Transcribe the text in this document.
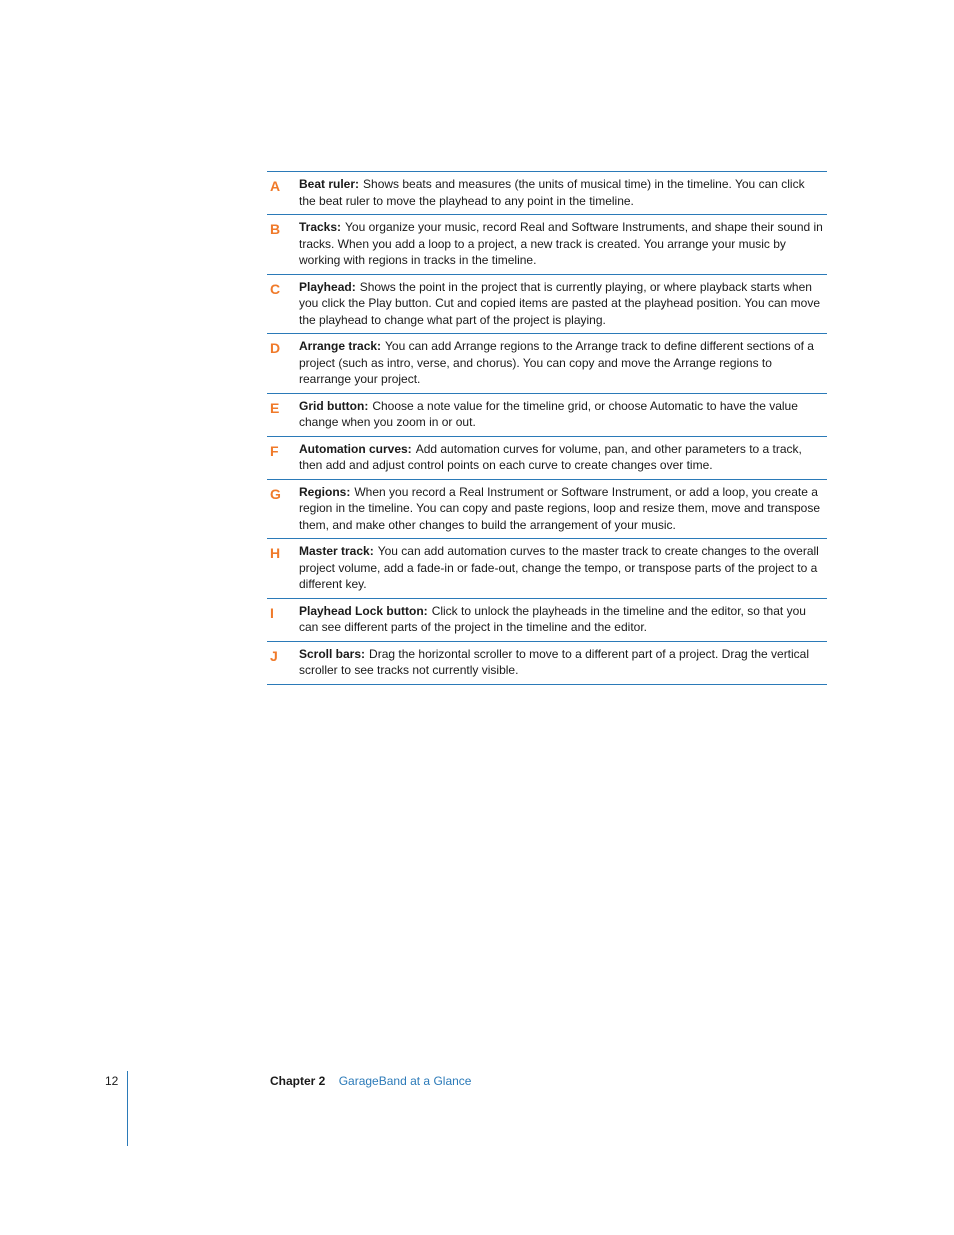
A	Beat ruler: Shows beats and measures (the units of musical time) in the timeline. You can click the beat ruler to move the playhead to any point in the timeline.
B	Tracks: You organize your music, record Real and Software Instruments, and shape their sound in tracks. When you add a loop to a project, a new track is created. You arrange your music by working with regions in tracks in the timeline.
C	Playhead: Shows the point in the project that is currently playing, or where playback starts when you click the Play button. Cut and copied items are pasted at the playhead position. You can move the playhead to change what part of the project is playing.
D	Arrange track: You can add Arrange regions to the Arrange track to define different sections of a project (such as intro, verse, and chorus). You can copy and move the Arrange regions to rearrange your project.
E	Grid button: Choose a note value for the timeline grid, or choose Automatic to have the value change when you zoom in or out.
F	Automation curves: Add automation curves for volume, pan, and other parameters to a track, then add and adjust control points on each curve to create changes over time.
G	Regions: When you record a Real Instrument or Software Instrument, or add a loop, you create a region in the timeline. You can copy and paste regions, loop and resize them, move and transpose them, and make other changes to build the arrangement of your music.
H	Master track: You can add automation curves to the master track to create changes to the overall project volume, add a fade-in or fade-out, change the tempo, or transpose parts of the project to a different key.
I	Playhead Lock button: Click to unlock the playheads in the timeline and the editor, so that you can see different parts of the project in the timeline and the editor.
J	Scroll bars: Drag the horizontal scroller to move to a different part of a project. Drag the vertical scroller to see tracks not currently visible.
12	Chapter 2 GarageBand at a Glance
